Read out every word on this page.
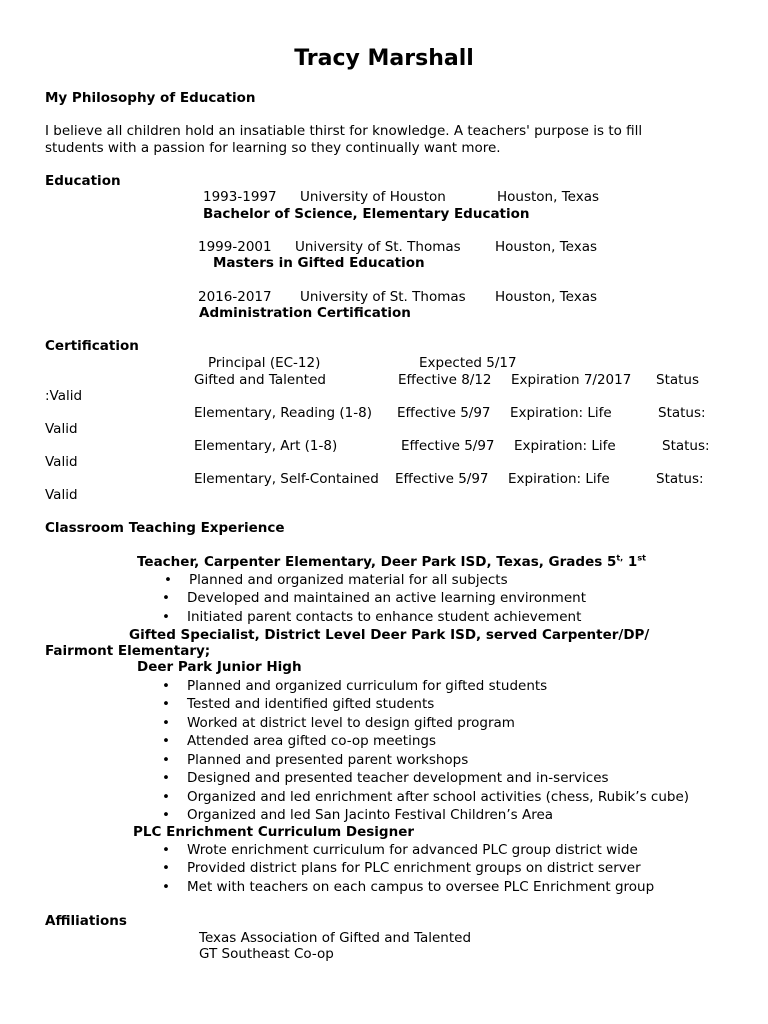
Tracy Marshall
My Philosophy of Education
I believe all children hold an insatiable thirst for knowledge. A teachers' purpose is to fill
students with a passion for learning so they continually want more.
Education
1993-1997 University of Houston	Houston, Texas
Bachelor of Science, Elementary Education
1999-2001 University of St. Thomas	Houston, Texas
Masters in Gifted Education
2016-2017 University of St. Thomas Houston, Texas
Administration Certification
Certification
Principal (EC-12)	Expected 5/17
Gifted and Talented	Effective 8/12 Expiration 7/2017 Status
:Valid
Elementary, Reading (1-8) Effective 5/97 Expiration: Life	Status:
Valid
Elementary, Art (1-8)	Effective 5/97 Expiration: Life	Status:
Valid
Elementary, Self-Contained Effective 5/97 Expiration: Life	Status:
Valid
Classroom Teaching Experience
Teacher, Carpenter Elementary, Deer Park ISD, Texas, Grades $5^{t,}$ 1st
• Planned and organized material for all subjects
• Developed and maintained an active learning environment
• Initiated parent contacts to enhance student achievement
Gifted Specialist, District Level Deer Park ISD, served Carpenter/DP/
Fairmont Elementary;
Deer Park Junior High
• Planned and organized curriculum for gifted students
• Tested and identified gifted students
• Worked at district level to design gifted program
• Attended area gifted co-op meetings
• Planned and presented parent workshops
• Designed and presented teacher development and in-services
• Organized and led enrichment after school activities (chess, Rubik’s cube)
• Organized and led San Jacinto Festival Children’s Area
PLC Enrichment Curriculum Designer
• Wrote enrichment curriculum for advanced PLC group district wide
• Provided district plans for PLC enrichment groups on district server
• Met with teachers on each campus to oversee PLC Enrichment group
Affiliations
Texas Association of Gifted and Talented
GT Southeast Co-op
